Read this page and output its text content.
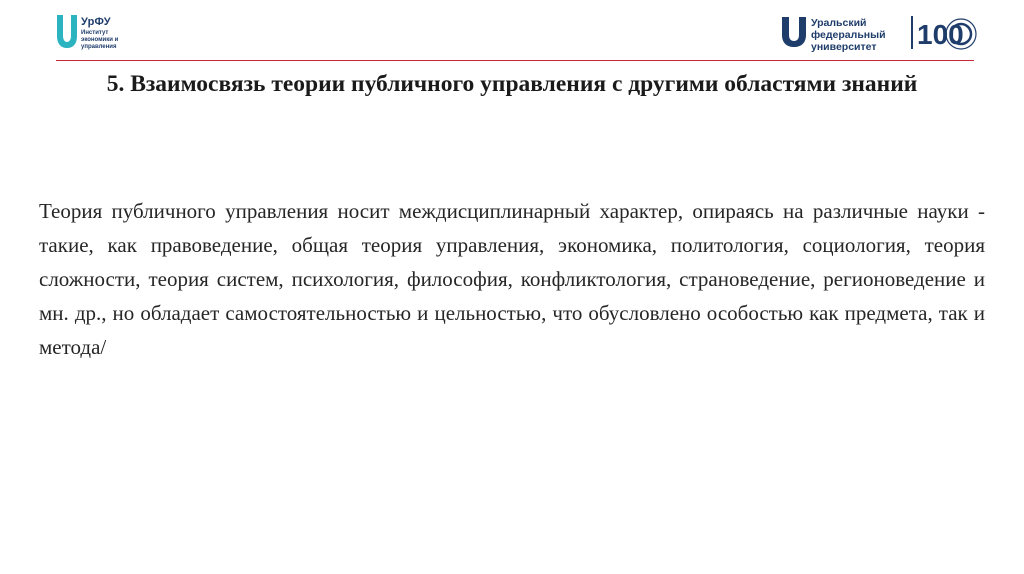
УрФУ
Институт экономики и управления
Уральский федеральный университет	100
5. Взаимосвязь теории публичного управления с другими областями знаний

Теория публичного управления носит междисциплинарный характер, опираясь на различные науки - такие, как правоведение, общая теория управления, экономика, политология, социология, теория сложности, теория систем, психология, философия, конфликтология, страноведение, регионоведение и мн. др., но обладает самостоятельностью и цельностью, что обусловлено особостью как предмета, так и метода/
